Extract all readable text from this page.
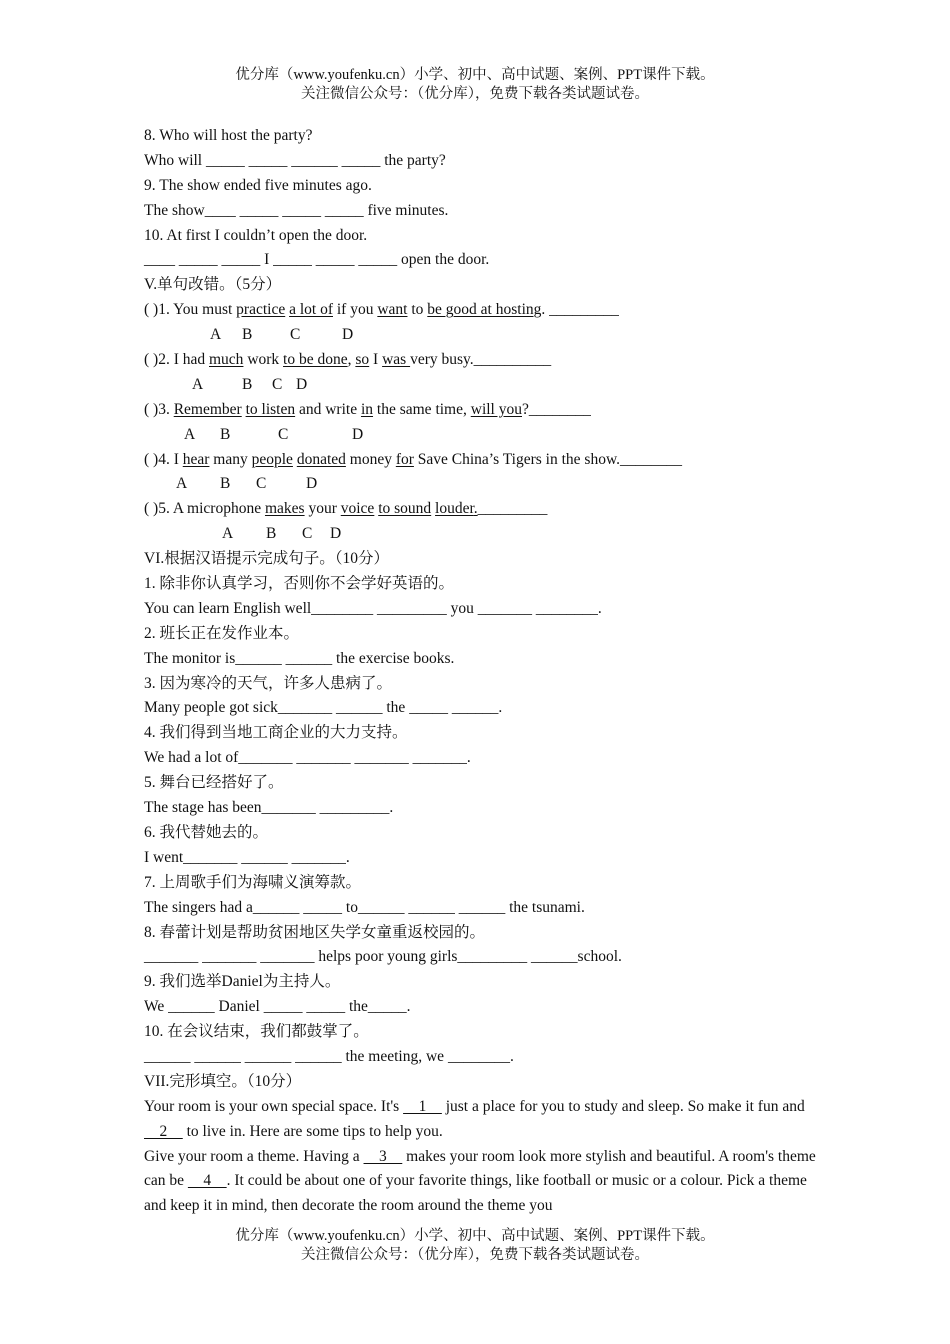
优分库（www.youfenku.cn）小学、初中、高中试题、案例、PPT课件下载。
关注微信公众号：（优分库），免费下载各类试题试卷。
8. Who will host the party?
Who will _____ _____ ______ _____ the party?
9. The show ended five minutes ago.
The show____ _____ _____ _____ five minutes.
10. At first I couldn’t open the door.
____ _____ _____ I _____ _____ _____ open the door.
V.单句改错。（5分）
( )1. You must practice a lot of if you want to be good at hosting. _________
A B C	D
( )2. I had much work to be done, so I was very busy.__________
A	B C D
( )3. Remember to listen and write in the same time, will you?________
A B	C	D
( )4. I hear many people donated money for Save China’s Tigers in the show.________
A B C	D
( )5. A microphone makes your voice to sound louder._________
A B C D
VI.根据汉语提示完成句子。（10分）
1. 除非你认真学习，否则你不会学好英语的。
You can learn English well________ _________ you _______ ________.
2. 班长正在发作业本。
The monitor is______ ______ the exercise books.
3. 因为寒冷的天气，许多人患病了。
Many people got sick_______ ______ the _____ ______.
4. 我们得到当地工商企业的大力支持。
We had a lot of_______ _______ _______ _______.
5. 舞台已经搭好了。
The stage has been_______ _________.
6. 我代替她去的。
I went_______ ______ _______.
7. 上周歌手们为海啸义演筹款。
The singers had a______ _____ to______ ______ ______ the tsunami.
8. 春蕾计划是帮助贫困地区失学女童重返校园的。
_______ _______ _______ helps poor young girls_________ ______school.
9. 我们选举Daniel为主持人。
We ______ Daniel _____ _____ the_____.
10. 在会议结束，我们都鼓掌了。
______ ______ ______ ______ the meeting, we ________.
VII.完形填空。（10分）
Your room is your own special space. It's     1     just a place for you to study and sleep. So make it fun and     2     to live in. Here are some tips to help you.
Give your room a theme. Having a     3     makes your room look more stylish and beautiful. A room's theme can be     4    . It could be about one of your favorite things, like football or music or a colour. Pick a theme and keep it in mind, then decorate the room around the theme you
优分库（www.youfenku.cn）小学、初中、高中试题、案例、PPT课件下载。
关注微信公众号：（优分库），免费下载各类试题试卷。
